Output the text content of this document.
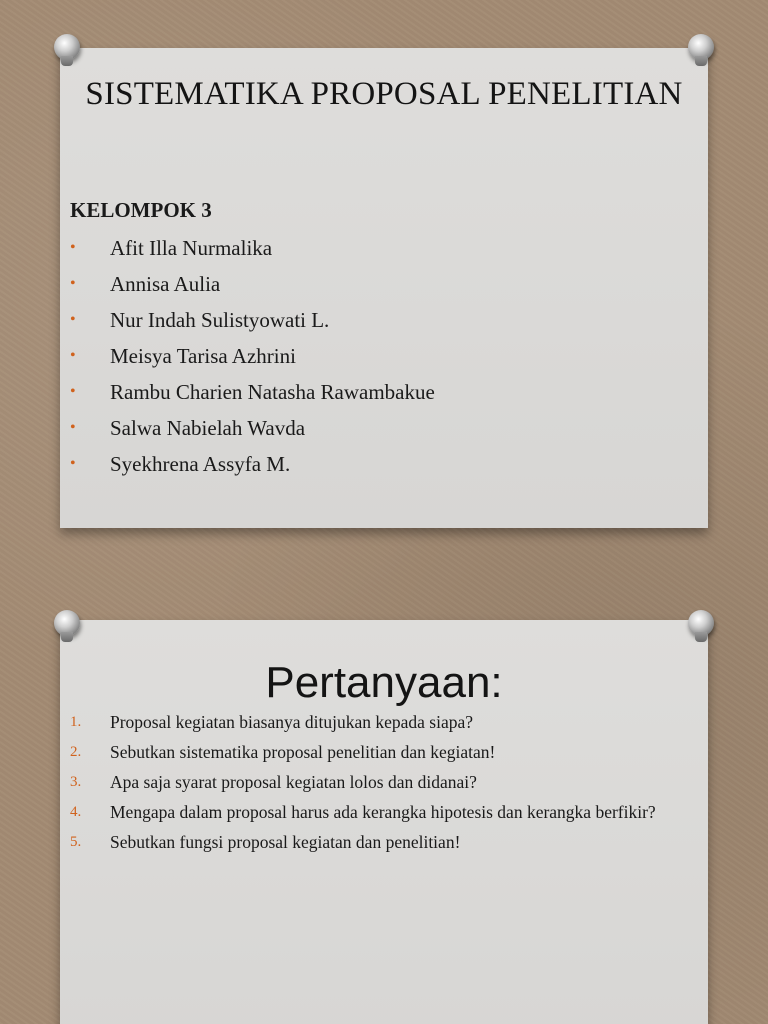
SISTEMATIKA PROPOSAL PENELITIAN
KELOMPOK 3
• Afit Illa Nurmalika
• Annisa Aulia
• Nur Indah Sulistyowati L.
• Meisya Tarisa Azhrini
• Rambu Charien Natasha Rawambakue
• Salwa Nabielah Wavda
• Syekhrena Assyfa M.
Pertanyaan:
1. Proposal kegiatan biasanya ditujukan kepada siapa?
2. Sebutkan sistematika proposal penelitian dan kegiatan!
3. Apa saja syarat proposal kegiatan lolos dan didanai?
4. Mengapa dalam proposal harus ada kerangka hipotesis dan kerangka berfikir?
5. Sebutkan fungsi proposal kegiatan dan penelitian!
